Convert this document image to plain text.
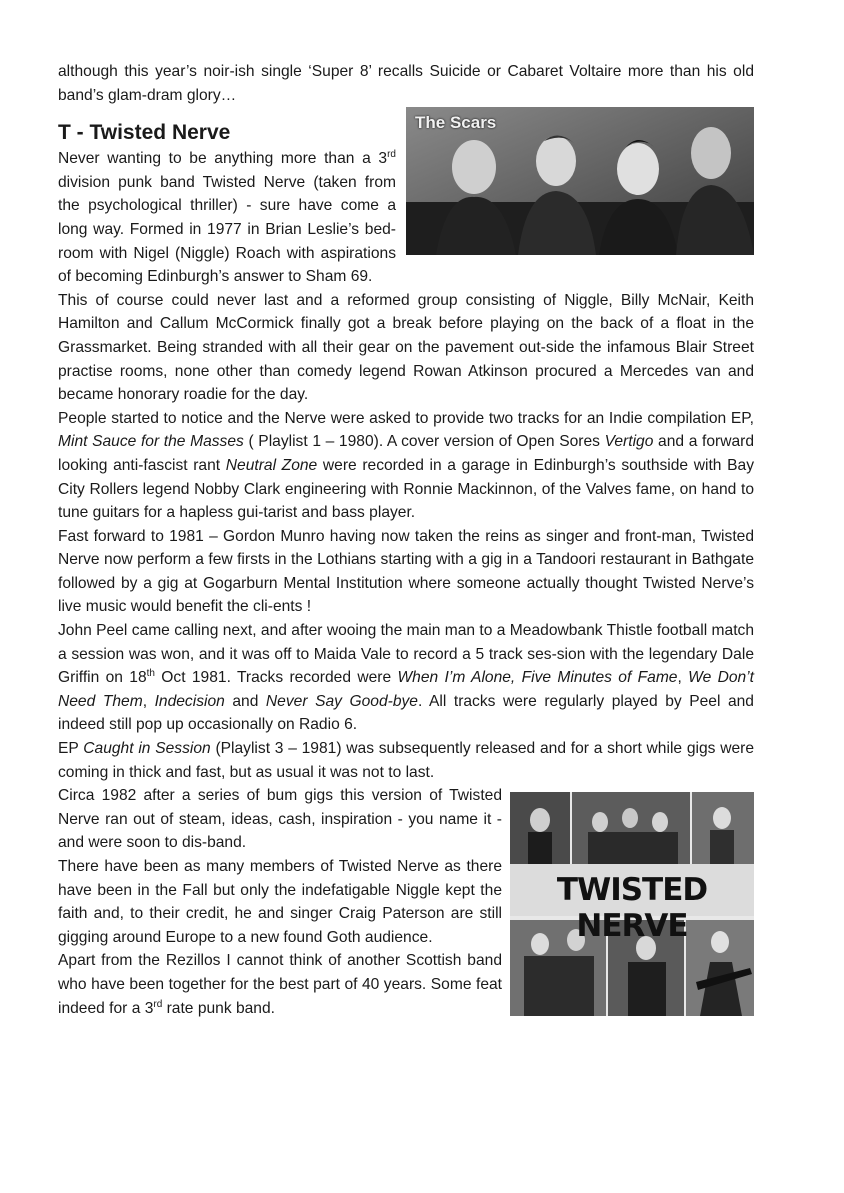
although this year’s noir-ish single ‘Super 8’ recalls Suicide or Cabaret Voltaire more than his old band’s glam-dram glory…

The Scars
T - Twisted Nerve

Never wanting to be anything more than a 3rd division punk band Twisted Nerve (taken from the psychological thriller) - sure have come a long way. Formed in 1977 in Brian Leslie’s bed-room with Nigel (Niggle) Roach with aspirations of becoming Edinburgh’s answer to Sham 69.

This of course could never last and a reformed group consisting of Niggle, Billy McNair, Keith Hamilton and Callum McCormick finally got a break before playing on the back of a float in the Grassmarket. Being stranded with all their gear on the pavement out-side the infamous Blair Street practise rooms, none other than comedy legend Rowan Atkinson procured a Mercedes van and became honorary roadie for the day.

People started to notice and the Nerve were asked to provide two tracks for an Indie compilation EP, Mint Sauce for the Masses ( Playlist 1 – 1980). A cover version of Open Sores Vertigo and a forward looking anti-fascist rant Neutral Zone were recorded in a garage in Edinburgh’s southside with Bay City Rollers legend Nobby Clark engineering with Ronnie Mackinnon, of the Valves fame, on hand to tune guitars for a hapless gui-tarist and bass player.

Fast forward to 1981 – Gordon Munro having now taken the reins as singer and front-man, Twisted Nerve now perform a few firsts in the Lothians starting with a gig in a Tandoori restaurant in Bathgate followed by a gig at Gogarburn Mental Institution where someone actually thought Twisted Nerve’s live music would benefit the cli-ents !

John Peel came calling next, and after wooing the main man to a Meadowbank Thistle football match a session was won, and it was off to Maida Vale to record a 5 track ses-sion with the legendary Dale Griffin on 18th Oct 1981. Tracks recorded were When I’m Alone, Five Minutes of Fame, We Don’t Need Them, Indecision and Never Say Good-bye. All tracks were regularly played by Peel and indeed still pop up occasionally on Radio 6.

EP Caught in Session (Playlist 3 – 1981) was subsequently released and for a short while gigs were coming in thick and fast, but as usual it was not to last.

TWISTED NERVE

Circa 1982 after a series of bum gigs this version of Twisted Nerve ran out of steam, ideas, cash, inspiration - you name it - and were soon to dis-band.

There have been as many members of Twisted Nerve as there have been in the Fall but only the indefatigable Niggle kept the faith and, to their credit, he and singer Craig Paterson are still gigging around Europe to a new found Goth audience.

Apart from the Rezillos I cannot think of another Scottish band who have been together for the best part of 40 years. Some feat indeed for a 3rd rate punk band.
